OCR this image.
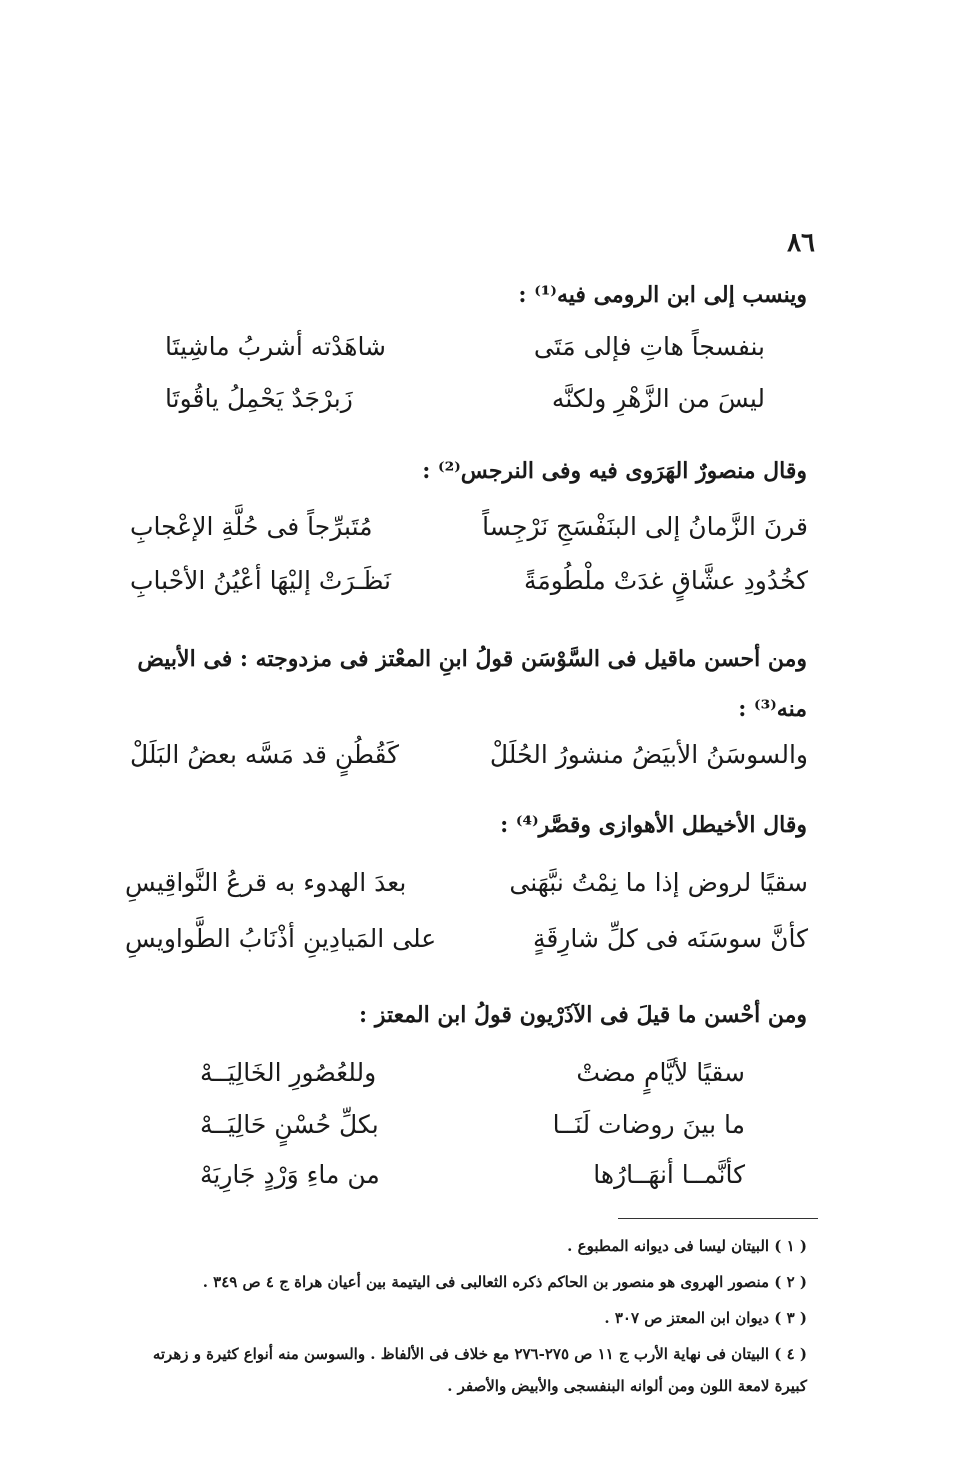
٨٦
وينسب إلى ابن الرومى فيه⁽¹⁾ :
بنفسجاً هاتِ فإلى مَتَى
شاهَدْته أشربُ ماشِيتَا
ليسَ من الزَّهْرِ ولكنَّه
زَبرْجَدٌ يَحْمِلُ ياقُوتَا
وقال منصورٌ الهَرَوى فيه وفى النرجس⁽²⁾ :
قرنَ الزَّمانُ إلى البنَفْسَجِ نَرْجِساً
مُتَبرِّجاً فى حُلَّةِ الإعْجابِ
كخُدُودِ عشَّاقٍ غدَتْ ملْطُومَةً
نَظَـرَتْ إليْهَا أعْيُنُ الأحْبابِ
ومن أحسن ماقيل فى السَّوْسَن قولُ ابنِ المعْتز فى مزدوجته : فى الأبيض منه⁽³⁾ :
والسوسَنُ الأبيَضُ منشورُ الحُلَلْ
كَقُطُنٍ قد مَسَّه بعضُ البَلَلْ
وقال الأخيطل الأهوازى وقصَّر⁽⁴⁾ :
سقيًا لروض إذا ما نِمْتُ نبَّهَنى
بعدَ الهدوء به قرعُ النَّواقِيسِ
كأنَّ سوسَنَه فى كلِّ شارِقَةٍ
على المَيادِينِ أذْنَابُ الطَّواويسِ
ومن أحْسن ما قيلَ فى الآذَرْيون قولُ ابن المعتز :
سقيًا لأيَّامٍ مضتْ
وللعُصُورِ الخَالِيَــهْ
ما بينَ روضات لَنَــا
بكلِّ حُسْنٍ حَالِيَــهْ
كأنَّمــا أنهَــارُها
من ماءِ وَرْدٍ جَارِيَهْ
( ١ ) البيتان ليسا فى ديوانه المطبوع .
( ٢ ) منصور الهروى هو منصور بن الحاكم ذكره الثعالبى فى اليتيمة بين أعيان هراة ج ٤ ص ٣٤٩ .
( ٣ ) ديوان ابن المعتز ص ٣٠٧ .
( ٤ ) البيتان فى نهاية الأرب ج ١١ ص ٢٧٥-٢٧٦ مع خلاف فى الألفاظ . والسوسن منه أنواع كثيرة و زهرته كبيرة لامعة اللون ومن ألوانه البنفسجى والأبيض والأصفر .
